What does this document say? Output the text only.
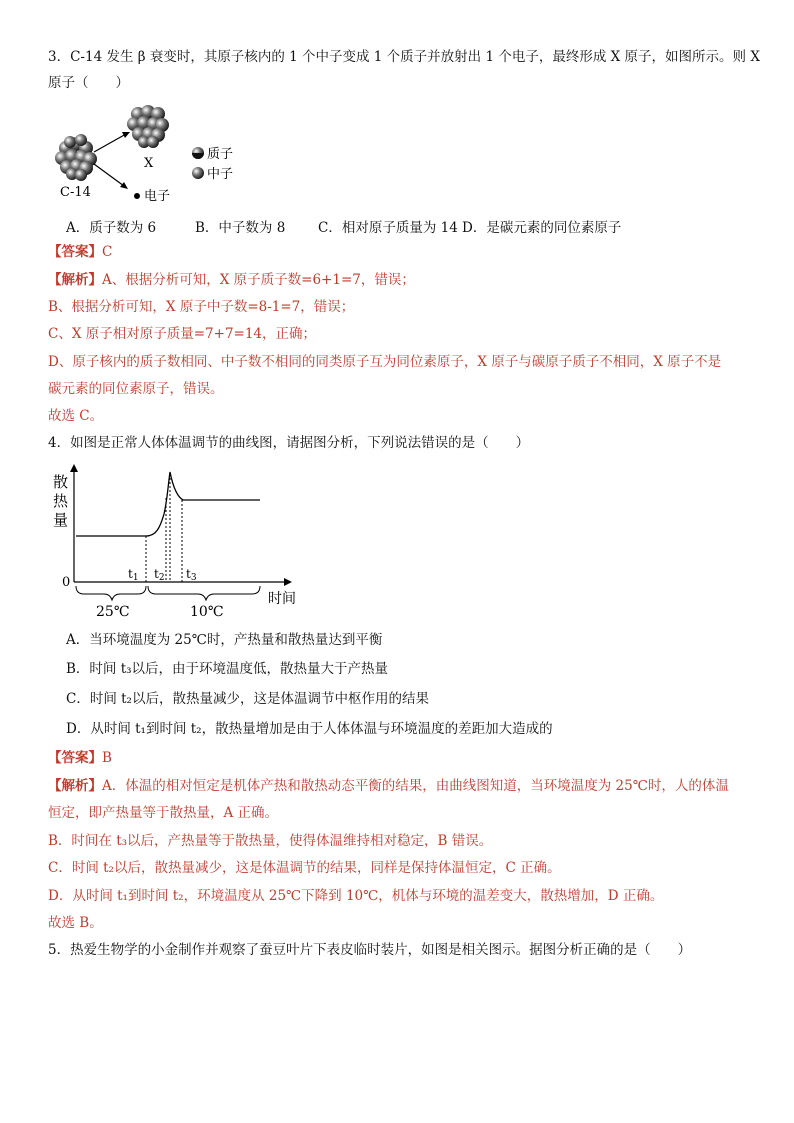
3．C-14 发生 β 衰变时，其原子核内的 1 个中子变成 1 个质子并放射出 1 个电子，最终形成 X 原子，如图所示。则 X
原子（　　）
C-14
X
电子
质子
中子
A．质子数为 6	B．中子数为 8 C．相对原子质量为 14 D．是碳元素的同位素原子
【答案】C
【解析】A、根据分析可知，X 原子质子数=6+1=7，错误；
B、根据分析可知，X 原子中子数=8-1=7，错误；
C、X 原子相对原子质量=7+7=14，正确；
D、原子核内的质子数相同、中子数不相同的同类原子互为同位素原子，X 原子与碳原子质子不相同，X 原子不是
碳元素的同位素原子，错误。
故选 C。
4．如图是正常人体体温调节的曲线图，请据图分析，下列说法错误的是（　　）
散
热
量
0
t1 t2 t3
时间
25℃	10℃
A．当环境温度为 25℃时，产热量和散热量达到平衡
B．时间 t₃以后，由于环境温度低，散热量大于产热量
C．时间 t₂以后，散热量减少，这是体温调节中枢作用的结果
D．从时间 t₁到时间 t₂，散热量增加是由于人体体温与环境温度的差距加大造成的
【答案】B
【解析】A．体温的相对恒定是机体产热和散热动态平衡的结果，由曲线图知道，当环境温度为 25℃时，人的体温
恒定，即产热量等于散热量，A 正确。
B．时间在 t₃以后，产热量等于散热量，使得体温维持相对稳定，B 错误。
C．时间 t₂以后，散热量减少，这是体温调节的结果，同样是保持体温恒定，C 正确。
D．从时间 t₁到时间 t₂，环境温度从 25℃下降到 10℃，机体与环境的温差变大，散热增加，D 正确。
故选 B。
5．热爱生物学的小金制作并观察了蚕豆叶片下表皮临时装片，如图是相关图示。据图分析正确的是（　　）
